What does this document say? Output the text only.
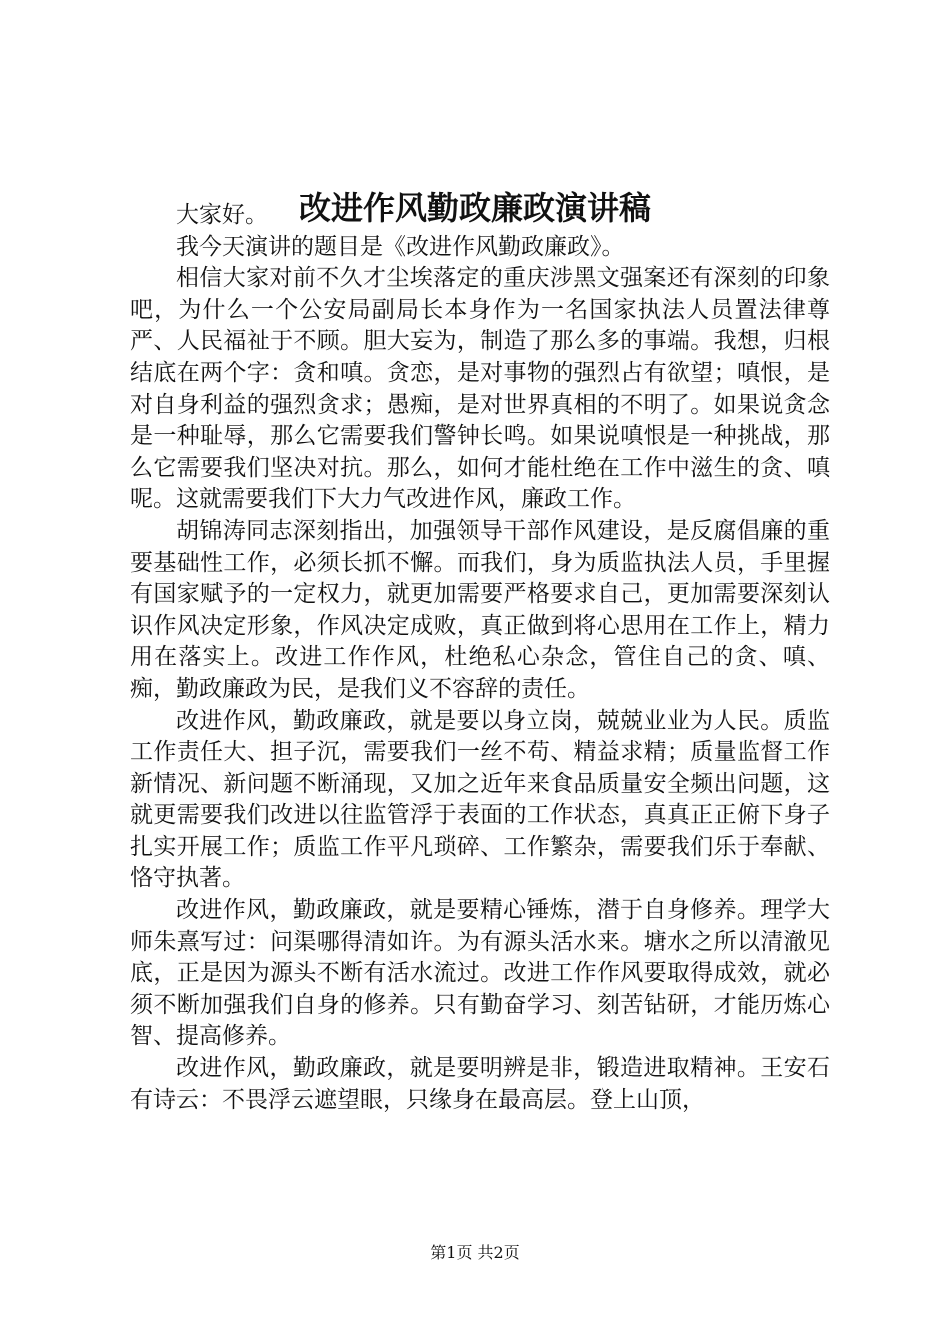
改进作风勤政廉政演讲稿

大家好。

我今天演讲的题目是《改进作风勤政廉政》。

相信大家对前不久才尘埃落定的重庆涉黑文强案还有深刻的印象吧，为什么一个公安局副局长本身作为一名国家执法人员置法律尊严、人民福祉于不顾。胆大妄为，制造了那么多的事端。我想，归根结底在两个字：贪和嗔。贪恋，是对事物的强烈占有欲望；嗔恨，是对自身利益的强烈贪求；愚痴，是对世界真相的不明了。如果说贪念是一种耻辱，那么它需要我们警钟长鸣。如果说嗔恨是一种挑战，那么它需要我们坚决对抗。那么，如何才能杜绝在工作中滋生的贪、嗔呢。这就需要我们下大力气改进作风，廉政工作。

胡锦涛同志深刻指出，加强领导干部作风建设，是反腐倡廉的重要基础性工作，必须长抓不懈。而我们，身为质监执法人员，手里握有国家赋予的一定权力，就更加需要严格要求自己，更加需要深刻认识作风决定形象，作风决定成败，真正做到将心思用在工作上，精力用在落实上。改进工作作风，杜绝私心杂念，管住自己的贪、嗔、痴，勤政廉政为民，是我们义不容辞的责任。

改进作风，勤政廉政，就是要以身立岗，兢兢业业为人民。质监工作责任大、担子沉，需要我们一丝不苟、精益求精；质量监督工作新情况、新问题不断涌现，又加之近年来食品质量安全频出问题，这就更需要我们改进以往监管浮于表面的工作状态，真真正正俯下身子扎实开展工作；质监工作平凡琐碎、工作繁杂，需要我们乐于奉献、恪守执著。

改进作风，勤政廉政，就是要精心锤炼，潜于自身修养。理学大师朱熹写过：问渠哪得清如许。为有源头活水来。塘水之所以清澈见底，正是因为源头不断有活水流过。改进工作作风要取得成效，就必须不断加强我们自身的修养。只有勤奋学习、刻苦钻研，才能历炼心智、提高修养。

改进作风，勤政廉政，就是要明辨是非，锻造进取精神。王安石有诗云：不畏浮云遮望眼，只缘身在最高层。登上山顶，

第1页 共2页
